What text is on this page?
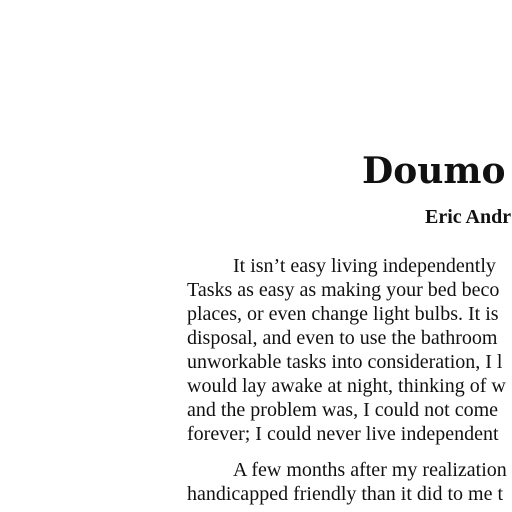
Doumo
Eric Andr

It isn’t easy living independently
Tasks as easy as making your bed beco
places, or even change light bulbs. It is
disposal, and even to use the bathroom
unworkable tasks into consideration, I l
would lay awake at night, thinking of w
and the problem was, I could not come
forever; I could never live independent

A few months after my realization
handicapped friendly than it did to me t
